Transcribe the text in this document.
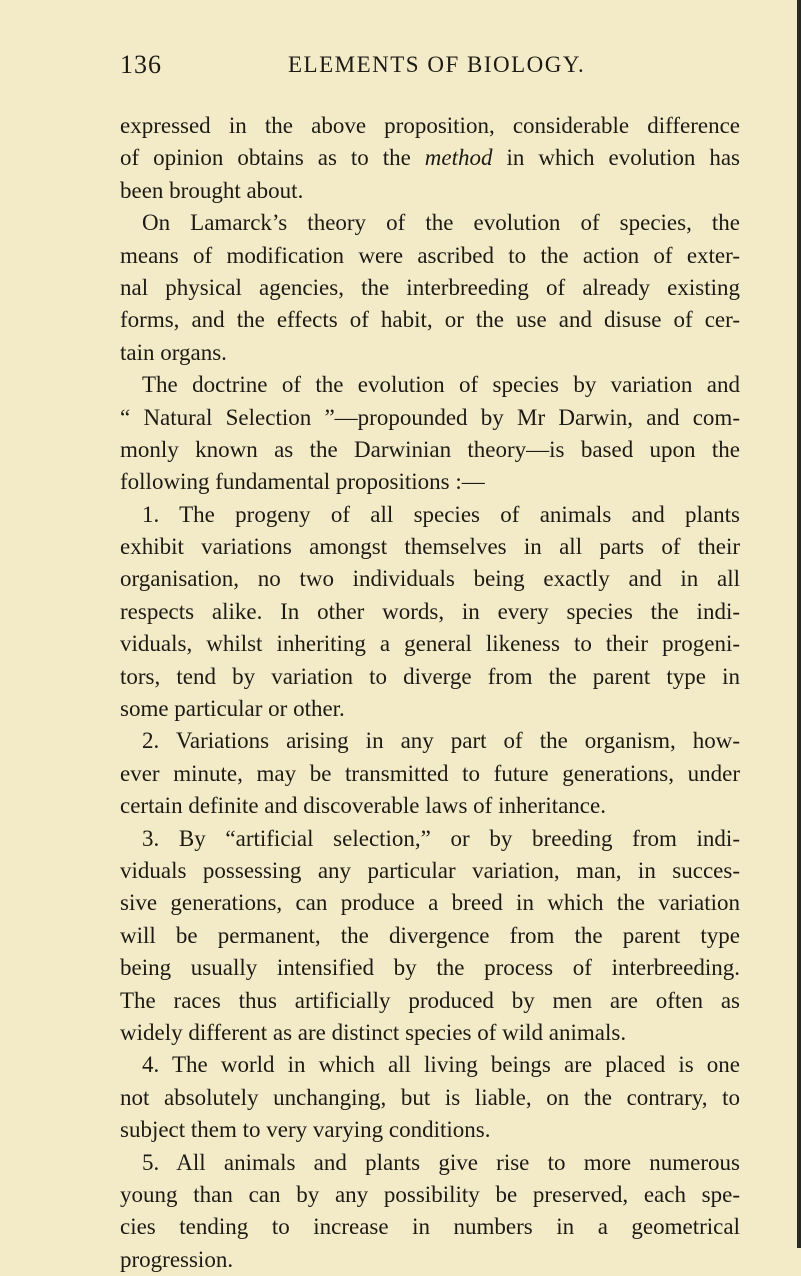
136	ELEMENTS OF BIOLOGY.
expressed in the above proposition, considerable difference
of opinion obtains as to the method in which evolution has
been brought about.
On Lamarck’s theory of the evolution of species, the
means of modification were ascribed to the action of exter-
nal physical agencies, the interbreeding of already existing
forms, and the effects of habit, or the use and disuse of cer-
tain organs.
The doctrine of the evolution of species by variation and
“ Natural Selection ”—propounded by Mr Darwin, and com-
monly known as the Darwinian theory—is based upon the
following fundamental propositions :—
1. The progeny of all species of animals and plants
exhibit variations amongst themselves in all parts of their
organisation, no two individuals being exactly and in all
respects alike. In other words, in every species the indi-
viduals, whilst inheriting a general likeness to their progeni-
tors, tend by variation to diverge from the parent type in
some particular or other.
2. Variations arising in any part of the organism, how-
ever minute, may be transmitted to future generations, under
certain definite and discoverable laws of inheritance.
3. By “artificial selection,” or by breeding from indi-
viduals possessing any particular variation, man, in succes-
sive generations, can produce a breed in which the variation
will be permanent, the divergence from the parent type
being usually intensified by the process of interbreeding.
The races thus artificially produced by men are often as
widely different as are distinct species of wild animals.
4. The world in which all living beings are placed is one
not absolutely unchanging, but is liable, on the contrary, to
subject them to very varying conditions.
5. All animals and plants give rise to more numerous
young than can by any possibility be preserved, each spe-
cies tending to increase in numbers in a geometrical
progression.
